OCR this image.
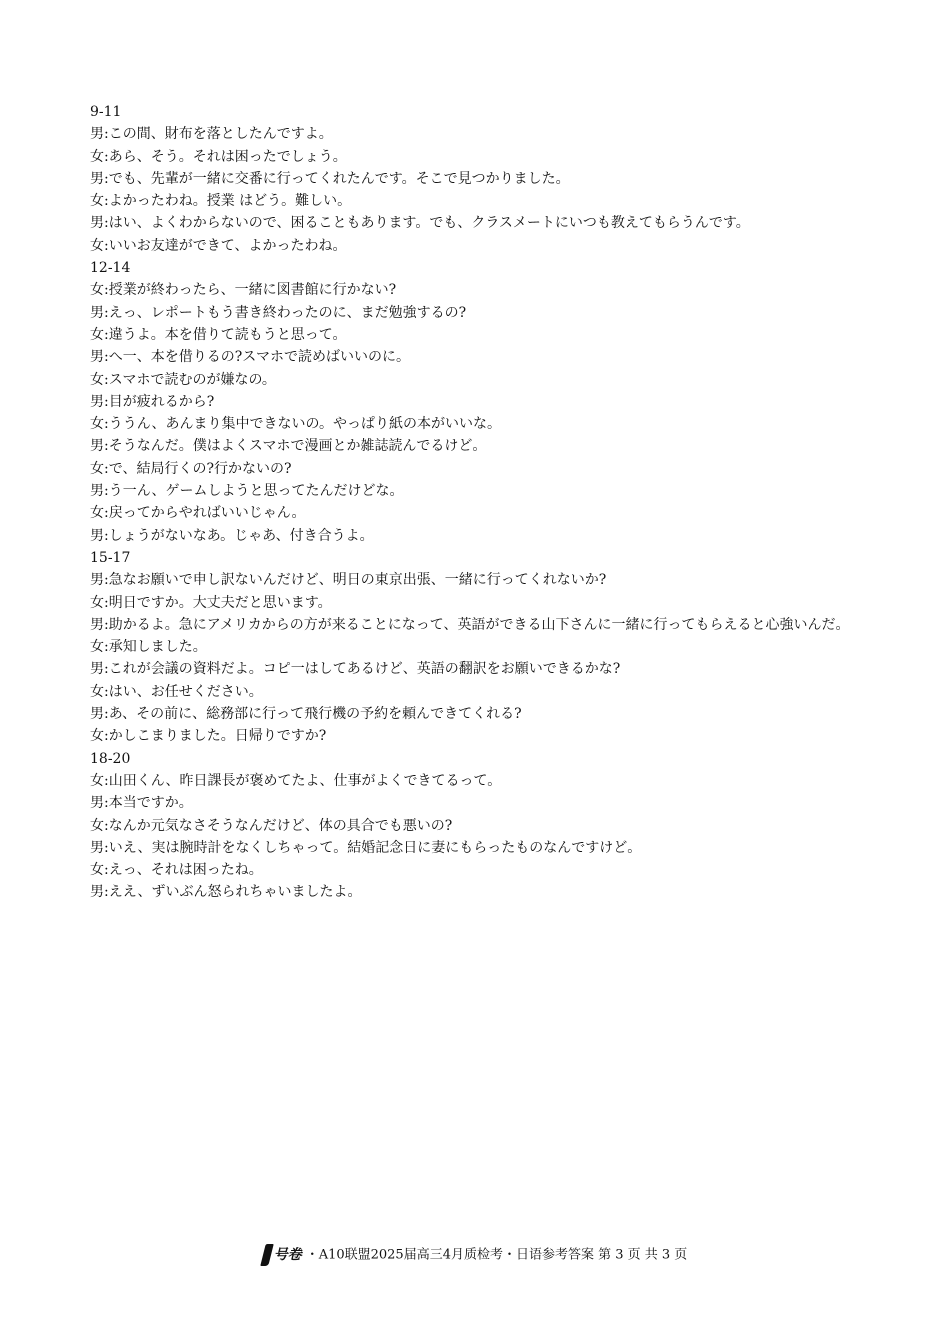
9-11
男: この間、財布を落としたんですよ。
女: あら、そう。それは困ったでしょう。
男: でも、先輩が一緒に交番に行ってくれたんです。そこで見つかりました。
女: よかったわね。授業 はどう。難しい。
男: はい、よくわからないので、困ることもあります。でも、クラスメートにいつも教えてもらうんです。
女: いいお友達ができて、よかったわね。
12-14
女: 授業が終わったら、一緒に図書館に行かない?
男: えっ、レポートもう書き終わったのに、まだ勉強するの?
女: 違うよ。本を借りて読もうと思って。
男: へ一、本を借りるの?スマホで読めばいいのに。
女: スマホで読むのが嫌なの。
男: 目が疲れるから?
女: ううん、あんまり集中できないの。やっぱり紙の本がいいな。
男: そうなんだ。僕はよくスマホで漫画とか雑誌読んでるけど。
女: で、結局行くの?行かないの?
男: う一ん、ゲームしようと思ってたんだけどな。
女: 戻ってからやればいいじゃん。
男: しょうがないなあ。じゃあ、付き合うよ。
15-17
男: 急なお願いで申し訳ないんだけど、明日の東京出張、一緒に行ってくれないか?
女: 明日ですか。大丈夫だと思います。
男: 助かるよ。急にアメリカからの方が来ることになって、英語ができる山下さんに一緒に行ってもらえると心強いんだ。
女: 承知しました。
男: これが会議の資料だよ。コピ一はしてあるけど、英語の翻訳をお願いできるかな?
女: はい、お任せください。
男: あ、その前に、総務部に行って飛行機の予約を頼んできてくれる?
女: かしこまりました。日帰りですか?
18-20
女: 山田くん、昨日課長が褒めてたよ、仕事がよくできてるって。
男: 本当ですか。
女: なんか元気なさそうなんだけど、体の具合でも悪いの?
男: いえ、実は腕時計をなくしちゃって。結婚記念日に妻にもらったものなんですけど。
女: えっ、それは困ったね。
男: ええ、ずいぶん怒られちゃいましたよ。
号卷 ・A10联盟2025届高三4月质检考・日语参考答案 第 3 页 共 3 页
